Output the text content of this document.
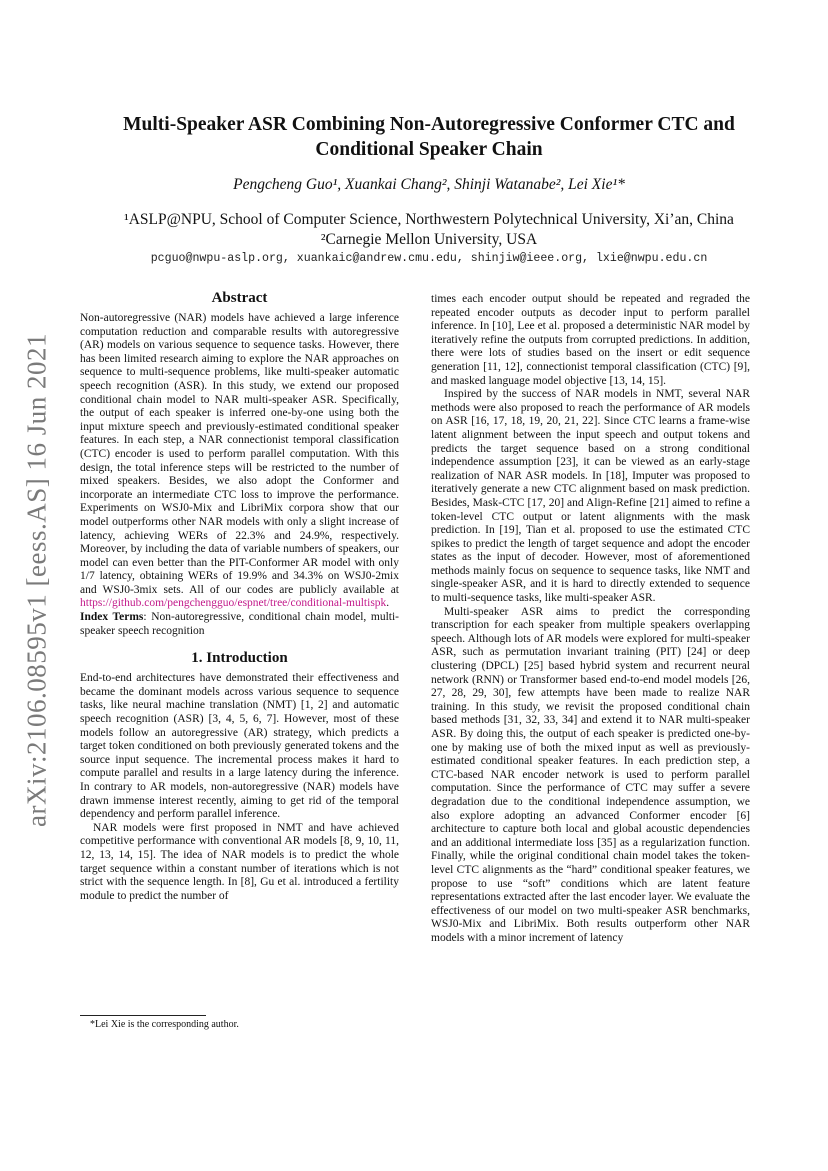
arXiv:2106.08595v1 [eess.AS] 16 Jun 2021
Multi-Speaker ASR Combining Non-Autoregressive Conformer CTC and
Conditional Speaker Chain
Pengcheng Guo¹, Xuankai Chang², Shinji Watanabe², Lei Xie¹*
¹ASLP@NPU, School of Computer Science, Northwestern Polytechnical University, Xi’an, China
²Carnegie Mellon University, USA
pcguo@nwpu-aslp.org, xuankaic@andrew.cmu.edu, shinjiw@ieee.org, lxie@nwpu.edu.cn
Abstract

Non-autoregressive (NAR) models have achieved a large inference computation reduction and comparable results with autoregressive (AR) models on various sequence to sequence tasks. However, there has been limited research aiming to explore the NAR approaches on sequence to multi-sequence problems, like multi-speaker automatic speech recognition (ASR). In this study, we extend our proposed conditional chain model to NAR multi-speaker ASR. Specifically, the output of each speaker is inferred one-by-one using both the input mixture speech and previously-estimated conditional speaker features. In each step, a NAR connectionist temporal classification (CTC) encoder is used to perform parallel computation. With this design, the total inference steps will be restricted to the number of mixed speakers. Besides, we also adopt the Conformer and incorporate an intermediate CTC loss to improve the performance. Experiments on WSJ0-Mix and LibriMix corpora show that our model outperforms other NAR models with only a slight increase of latency, achieving WERs of 22.3% and 24.9%, respectively. Moreover, by including the data of variable numbers of speakers, our model can even better than the PIT-Conformer AR model with only 1/7 latency, obtaining WERs of 19.9% and 34.3% on WSJ0-2mix and WSJ0-3mix sets. All of our codes are publicly available at https://github.com/pengchengguo/espnet/tree/conditional-multispk.

Index Terms: Non-autoregressive, conditional chain model, multi-speaker speech recognition

1. Introduction

End-to-end architectures have demonstrated their effectiveness and became the dominant models across various sequence to sequence tasks, like neural machine translation (NMT) [1, 2] and automatic speech recognition (ASR) [3, 4, 5, 6, 7]. However, most of these models follow an autoregressive (AR) strategy, which predicts a target token conditioned on both previously generated tokens and the source input sequence. The incremental process makes it hard to compute parallel and results in a large latency during the inference. In contrary to AR models, non-autoregressive (NAR) models have drawn immense interest recently, aiming to get rid of the temporal dependency and perform parallel inference.

NAR models were first proposed in NMT and have achieved competitive performance with conventional AR models [8, 9, 10, 11, 12, 13, 14, 15]. The idea of NAR models is to predict the whole target sequence within a constant number of iterations which is not strict with the sequence length. In [8], Gu et al. introduced a fertility module to predict the number of

*Lei Xie is the corresponding author.

times each encoder output should be repeated and regraded the repeated encoder outputs as decoder input to perform parallel inference. In [10], Lee et al. proposed a deterministic NAR model by iteratively refine the outputs from corrupted predictions. In addition, there were lots of studies based on the insert or edit sequence generation [11, 12], connectionist temporal classification (CTC) [9], and masked language model objective [13, 14, 15].

Inspired by the success of NAR models in NMT, several NAR methods were also proposed to reach the performance of AR models on ASR [16, 17, 18, 19, 20, 21, 22]. Since CTC learns a frame-wise latent alignment between the input speech and output tokens and predicts the target sequence based on a strong conditional independence assumption [23], it can be viewed as an early-stage realization of NAR ASR models. In [18], Imputer was proposed to iteratively generate a new CTC alignment based on mask prediction. Besides, Mask-CTC [17, 20] and Align-Refine [21] aimed to refine a token-level CTC output or latent alignments with the mask prediction. In [19], Tian et al. proposed to use the estimated CTC spikes to predict the length of target sequence and adopt the encoder states as the input of decoder. However, most of aforementioned methods mainly focus on sequence to sequence tasks, like NMT and single-speaker ASR, and it is hard to directly extended to sequence to multi-sequence tasks, like multi-speaker ASR.

Multi-speaker ASR aims to predict the corresponding transcription for each speaker from multiple speakers overlapping speech. Although lots of AR models were explored for multi-speaker ASR, such as permutation invariant training (PIT) [24] or deep clustering (DPCL) [25] based hybrid system and recurrent neural network (RNN) or Transformer based end-to-end model models [26, 27, 28, 29, 30], few attempts have been made to realize NAR training. In this study, we revisit the proposed conditional chain based methods [31, 32, 33, 34] and extend it to NAR multi-speaker ASR. By doing this, the output of each speaker is predicted one-by-one by making use of both the mixed input as well as previously-estimated conditional speaker features. In each prediction step, a CTC-based NAR encoder network is used to perform parallel computation. Since the performance of CTC may suffer a severe degradation due to the conditional independence assumption, we also explore adopting an advanced Conformer encoder [6] architecture to capture both local and global acoustic dependencies and an additional intermediate loss [35] as a regularization function. Finally, while the original conditional chain model takes the token-level CTC alignments as the “hard” conditional speaker features, we propose to use “soft” conditions which are latent feature representations extracted after the last encoder layer. We evaluate the effectiveness of our model on two multi-speaker ASR benchmarks, WSJ0-Mix and LibriMix. Both results outperform other NAR models with a minor increment of latency
